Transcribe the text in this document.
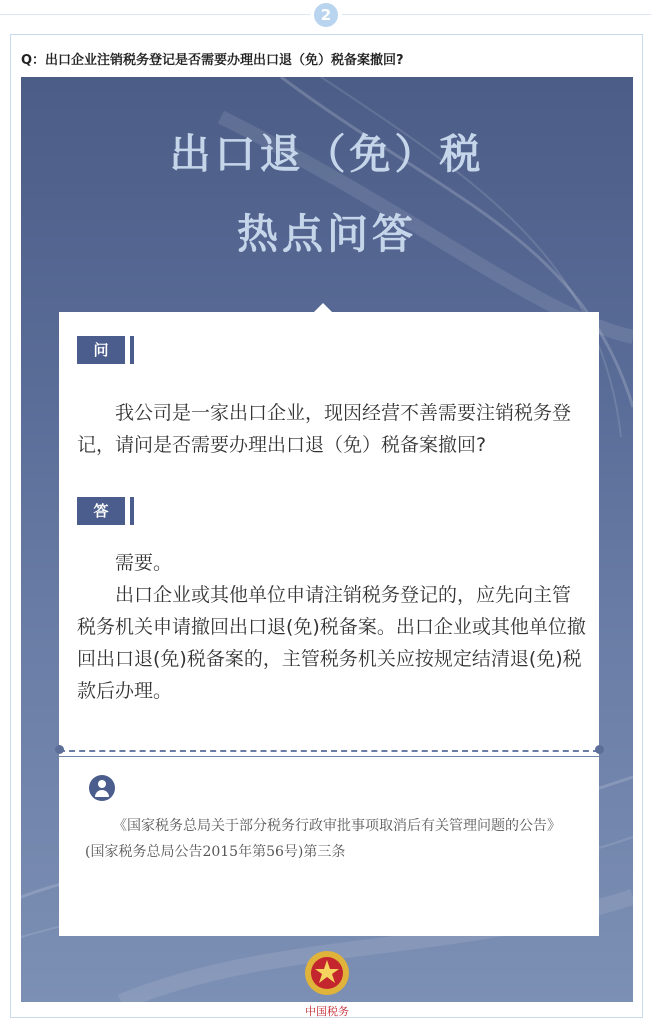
2
Q：出口企业注销税务登记是否需要办理出口退（免）税备案撤回?
出口退（免）税
热点问答
问
我公司是一家出口企业，现因经营不善需要注销税务登记，请问是否需要办理出口退（免）税备案撤回?
答

需要。

出口企业或其他单位申请注销税务登记的，应先向主管税务机关申请撤回出口退(免)税备案。出口企业或其他单位撤回出口退(免)税备案的，主管税务机关应按规定结清退(免)税款后办理。

《国家税务总局关于部分税务行政审批事项取消后有关管理问题的公告》(国家税务总局公告2015年第56号)第三条
中国税务
